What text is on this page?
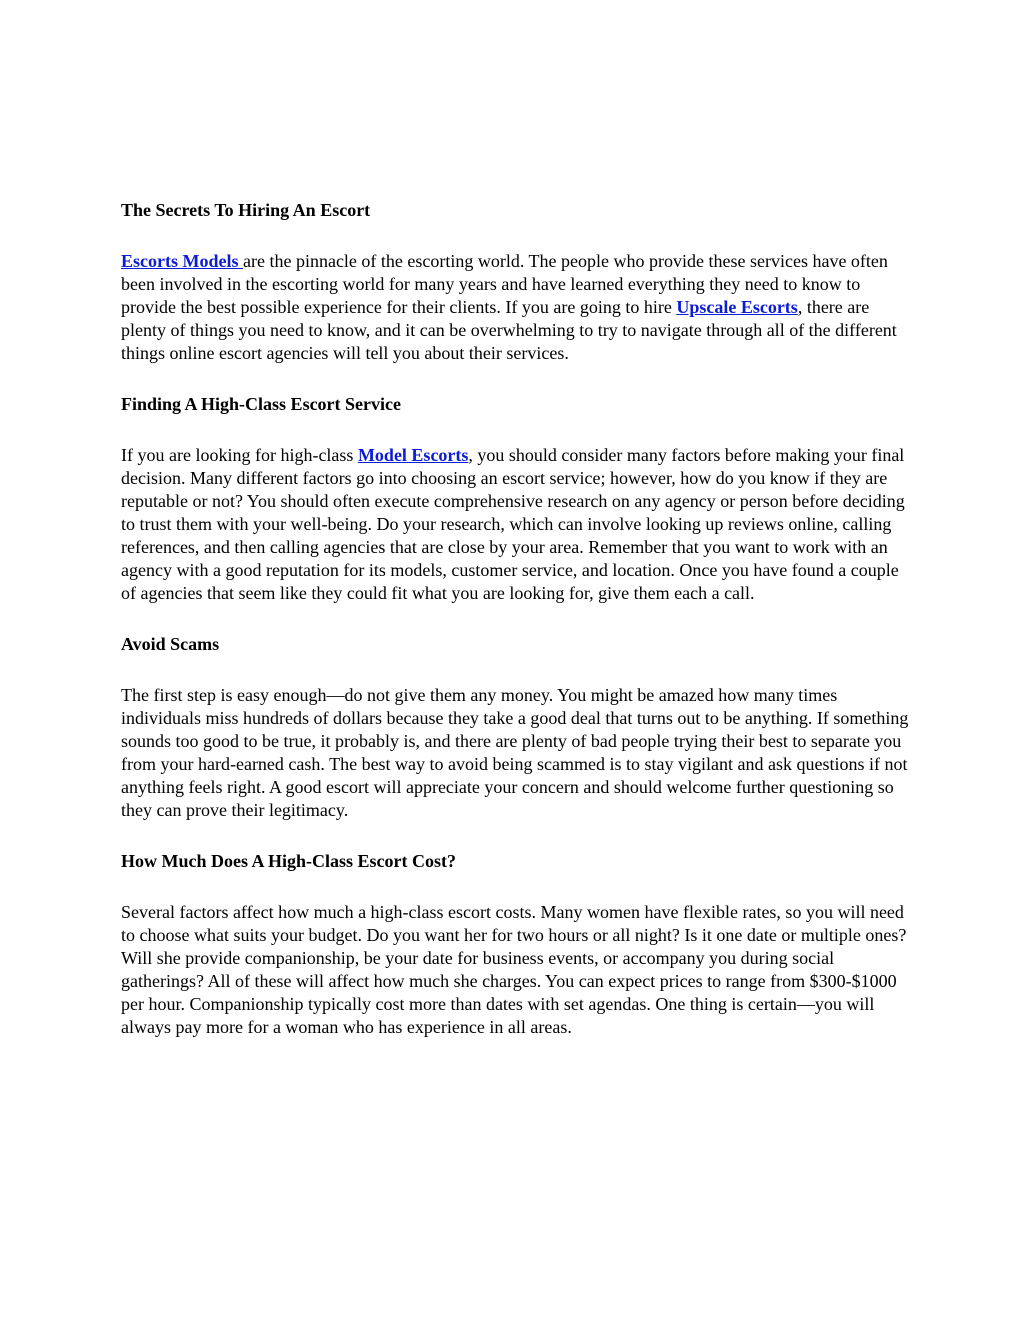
The Secrets To Hiring An Escort

Escorts Models are the pinnacle of the escorting world. The people who provide these services have often been involved in the escorting world for many years and have learned everything they need to know to provide the best possible experience for their clients. If you are going to hire Upscale Escorts, there are plenty of things you need to know, and it can be overwhelming to try to navigate through all of the different things online escort agencies will tell you about their services.

Finding A High-Class Escort Service

If you are looking for high-class Model Escorts, you should consider many factors before making your final decision. Many different factors go into choosing an escort service; however, how do you know if they are reputable or not? You should often execute comprehensive research on any agency or person before deciding to trust them with your well-being. Do your research, which can involve looking up reviews online, calling references, and then calling agencies that are close by your area. Remember that you want to work with an agency with a good reputation for its models, customer service, and location. Once you have found a couple of agencies that seem like they could fit what you are looking for, give them each a call.

Avoid Scams

The first step is easy enough—do not give them any money. You might be amazed how many times individuals miss hundreds of dollars because they take a good deal that turns out to be anything. If something sounds too good to be true, it probably is, and there are plenty of bad people trying their best to separate you from your hard-earned cash. The best way to avoid being scammed is to stay vigilant and ask questions if not anything feels right. A good escort will appreciate your concern and should welcome further questioning so they can prove their legitimacy.

How Much Does A High-Class Escort Cost?

Several factors affect how much a high-class escort costs. Many women have flexible rates, so you will need to choose what suits your budget. Do you want her for two hours or all night? Is it one date or multiple ones? Will she provide companionship, be your date for business events, or accompany you during social gatherings? All of these will affect how much she charges. You can expect prices to range from $300-$1000 per hour. Companionship typically cost more than dates with set agendas. One thing is certain—you will always pay more for a woman who has experience in all areas.
